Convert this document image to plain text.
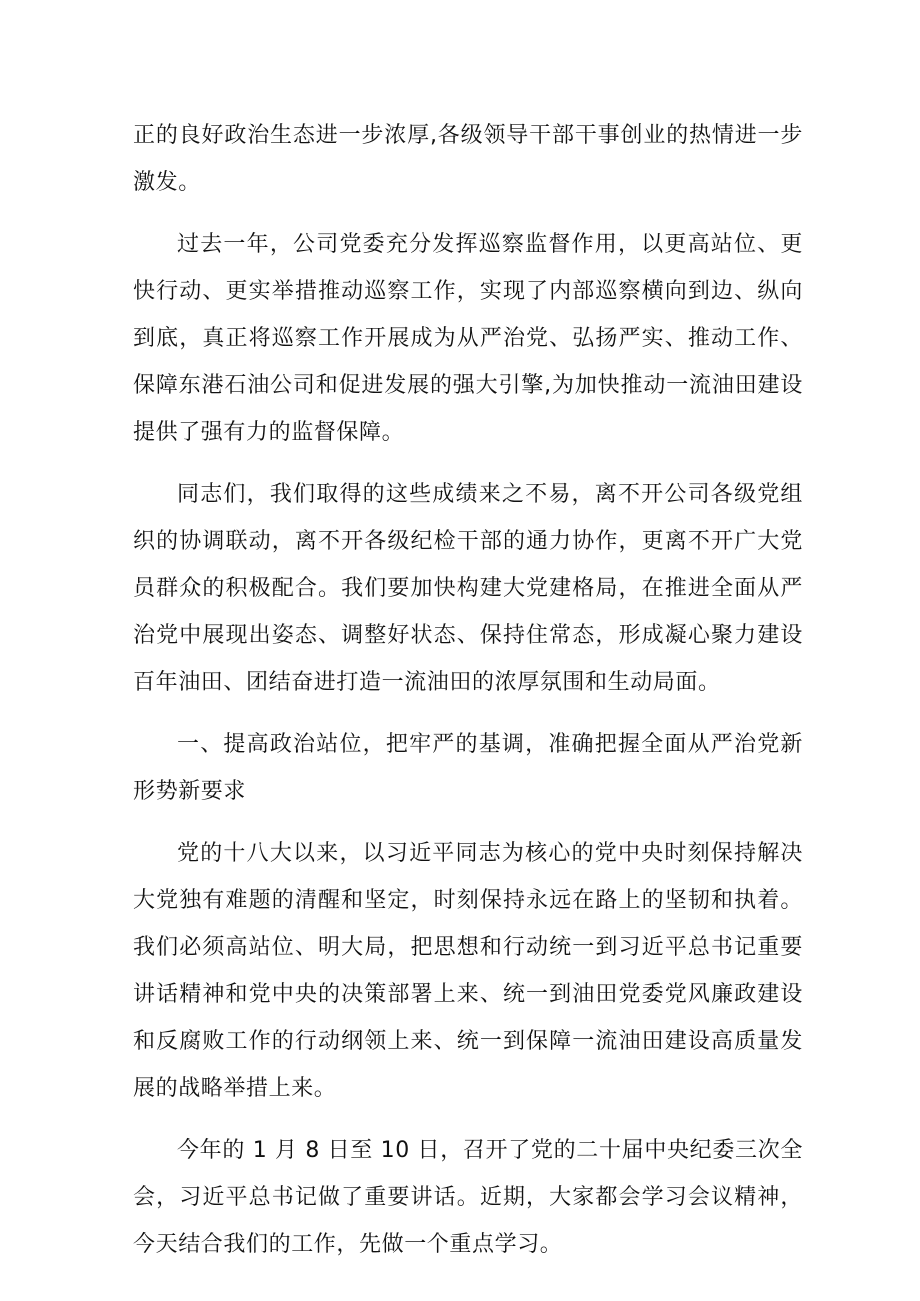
正的良好政治生态进一步浓厚,各级领导干部干事创业的热情进一步激发。

过去一年，公司党委充分发挥巡察监督作用，以更高站位、更快行动、更实举措推动巡察工作，实现了内部巡察横向到边、纵向到底，真正将巡察工作开展成为从严治党、弘扬严实、推动工作、保障东港石油公司和促进发展的强大引擎,为加快推动一流油田建设提供了强有力的监督保障。

同志们，我们取得的这些成绩来之不易，离不开公司各级党组织的协调联动，离不开各级纪检干部的通力协作，更离不开广大党员群众的积极配合。我们要加快构建大党建格局，在推进全面从严治党中展现出姿态、调整好状态、保持住常态，形成凝心聚力建设百年油田、团结奋进打造一流油田的浓厚氛围和生动局面。

一、提高政治站位，把牢严的基调，准确把握全面从严治党新形势新要求

党的十八大以来，以习近平同志为核心的党中央时刻保持解决大党独有难题的清醒和坚定，时刻保持永远在路上的坚韧和执着。我们必须高站位、明大局，把思想和行动统一到习近平总书记重要讲话精神和党中央的决策部署上来、统一到油田党委党风廉政建设和反腐败工作的行动纲领上来、统一到保障一流油田建设高质量发展的战略举措上来。

今年的 1 月 8 日至 10 日，召开了党的二十届中央纪委三次全会，习近平总书记做了重要讲话。近期，大家都会学习会议精神，今天结合我们的工作，先做一个重点学习。
